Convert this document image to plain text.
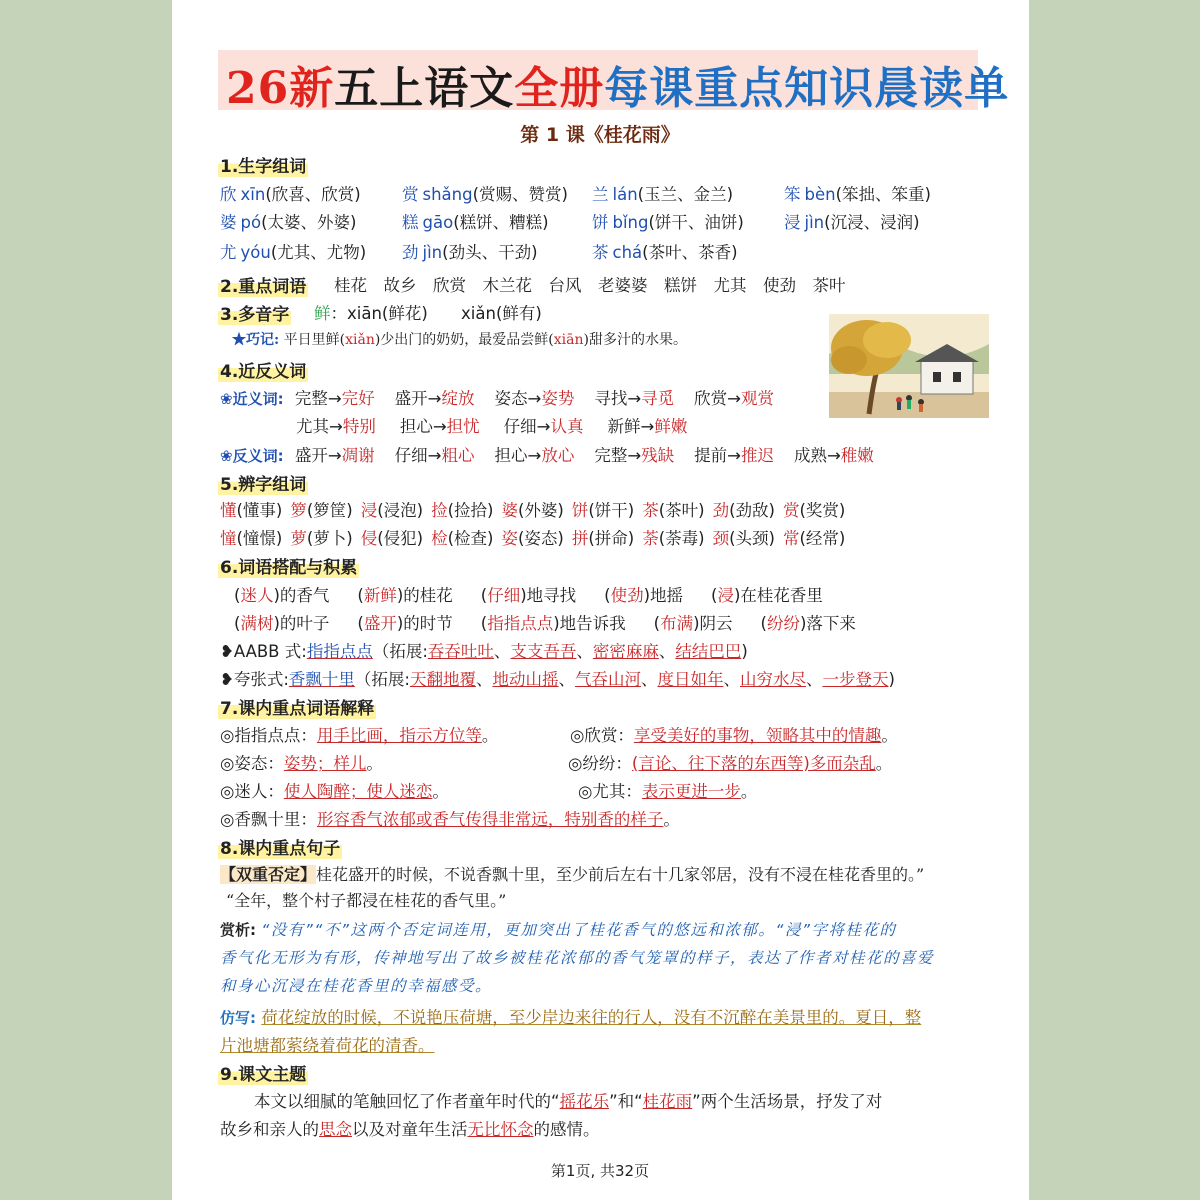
26新五上语文全册每课重点知识晨读单
第 1 课《桂花雨》
1.生字组词
欣 xīn(欣喜、欣赏)	赏 shǎng(赏赐、赞赏) 兰 lán(玉兰、金兰)	笨 bèn(笨拙、笨重)
婆 pó(太婆、外婆)	糕 gāo(糕饼、糟糕)	饼 bǐng(饼干、油饼) 浸 jìn(沉浸、浸润)
尤 yóu(尤其、尤物) 劲 jìn(劲头、干劲)	茶 chá(茶叶、茶香)
2.重点词语 桂花　故乡　欣赏　木兰花　台风　老婆婆　糕饼　尤其　使劲　茶叶
3.多音字 鲜：xiān(鲜花) xiǎn(鲜有)
★巧记: 平日里鲜(xiǎn)少出门的奶奶，最爱品尝鲜(xiān)甜多汁的水果。
4.近反义词
❀近义词: 完整→完好 盛开→绽放 姿态→姿势 寻找→寻觅 欣赏→观赏
尤其→特别 担心→担忧 仔细→认真 新鲜→鲜嫩
❀反义词: 盛开→凋谢 仔细→粗心 担心→放心 完整→残缺 提前→推迟 成熟→稚嫩
5.辨字组词
懂(懂事) 箩(箩筐) 浸(浸泡) 捡(捡拾) 婆(外婆) 饼(饼干) 茶(茶叶) 劲(劲敌) 赏(奖赏)
憧(憧憬) 萝(萝卜) 侵(侵犯) 检(检查) 姿(姿态) 拼(拼命) 荼(荼毒) 颈(头颈) 常(经常)
6.词语搭配与积累
(迷人)的香气 (新鲜)的桂花 (仔细)地寻找 (使劲)地摇 (浸)在桂花香里
(满树)的叶子 (盛开)的时节 (指指点点)地告诉我 (布满)阴云 (纷纷)落下来
❥AABB 式:指指点点（拓展:吞吞吐吐、支支吾吾、密密麻麻、结结巴巴)
❥夸张式:香飘十里（拓展:天翻地覆、地动山摇、气吞山河、度日如年、山穷水尽、一步登天)
7.课内重点词语解释
◎指指点点：用手比画，指示方位等。	◎欣赏：享受美好的事物，领略其中的情趣。
◎姿态：姿势；样儿。	◎纷纷：(言论、往下落的东西等)多而杂乱。
◎迷人：使人陶醉；使人迷恋。	◎尤其：表示更进一步。
◎香飘十里：形容香气浓郁或香气传得非常远，特别香的样子。
8.课内重点句子
【双重否定】桂花盛开的时候，不说香飘十里，至少前后左右十几家邻居，没有不浸在桂花香里的。”
“全年，整个村子都浸在桂花的香气里。”
赏析: “没有”“不”这两个否定词连用，更加突出了桂花香气的悠远和浓郁。“浸”字将桂花的
香气化无形为有形，传神地写出了故乡被桂花浓郁的香气笼罩的样子，表达了作者对桂花的喜爱
和身心沉浸在桂花香里的幸福感受。
仿写: 荷花绽放的时候，不说艳压荷塘，至少岸边来往的行人，没有不沉醉在美景里的。夏日，整
片池塘都萦绕着荷花的清香。
9.课文主题
本文以细腻的笔触回忆了作者童年时代的“摇花乐”和“桂花雨”两个生活场景，抒发了对
故乡和亲人的思念以及对童年生活无比怀念的感情。
第1页, 共32页
